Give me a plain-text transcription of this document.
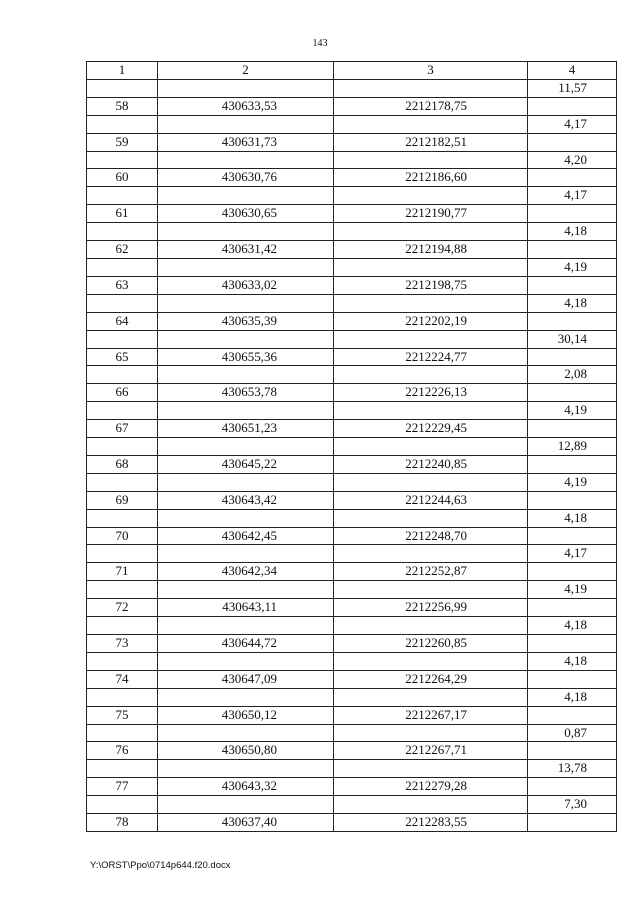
143
1	2	3	4
			11,57
58	430633,53	2212178,75	
			4,17
59	430631,73	2212182,51	
			4,20
60	430630,76	2212186,60	
			4,17
61	430630,65	2212190,77	
			4,18
62	430631,42	2212194,88	
			4,19
63	430633,02	2212198,75	
			4,18
64	430635,39	2212202,19	
			30,14
65	430655,36	2212224,77	
			2,08
66	430653,78	2212226,13	
			4,19
67	430651,23	2212229,45	
			12,89
68	430645,22	2212240,85	
			4,19
69	430643,42	2212244,63	
			4,18
70	430642,45	2212248,70	
			4,17
71	430642,34	2212252,87	
			4,19
72	430643,11	2212256,99	
			4,18
73	430644,72	2212260,85	
			4,18
74	430647,09	2212264,29	
			4,18
75	430650,12	2212267,17	
			0,87
76	430650,80	2212267,71	
			13,78
77	430643,32	2212279,28	
			7,30
78	430637,40	2212283,55	
Y:\ORST\Ppo\0714p644.f20.docx
